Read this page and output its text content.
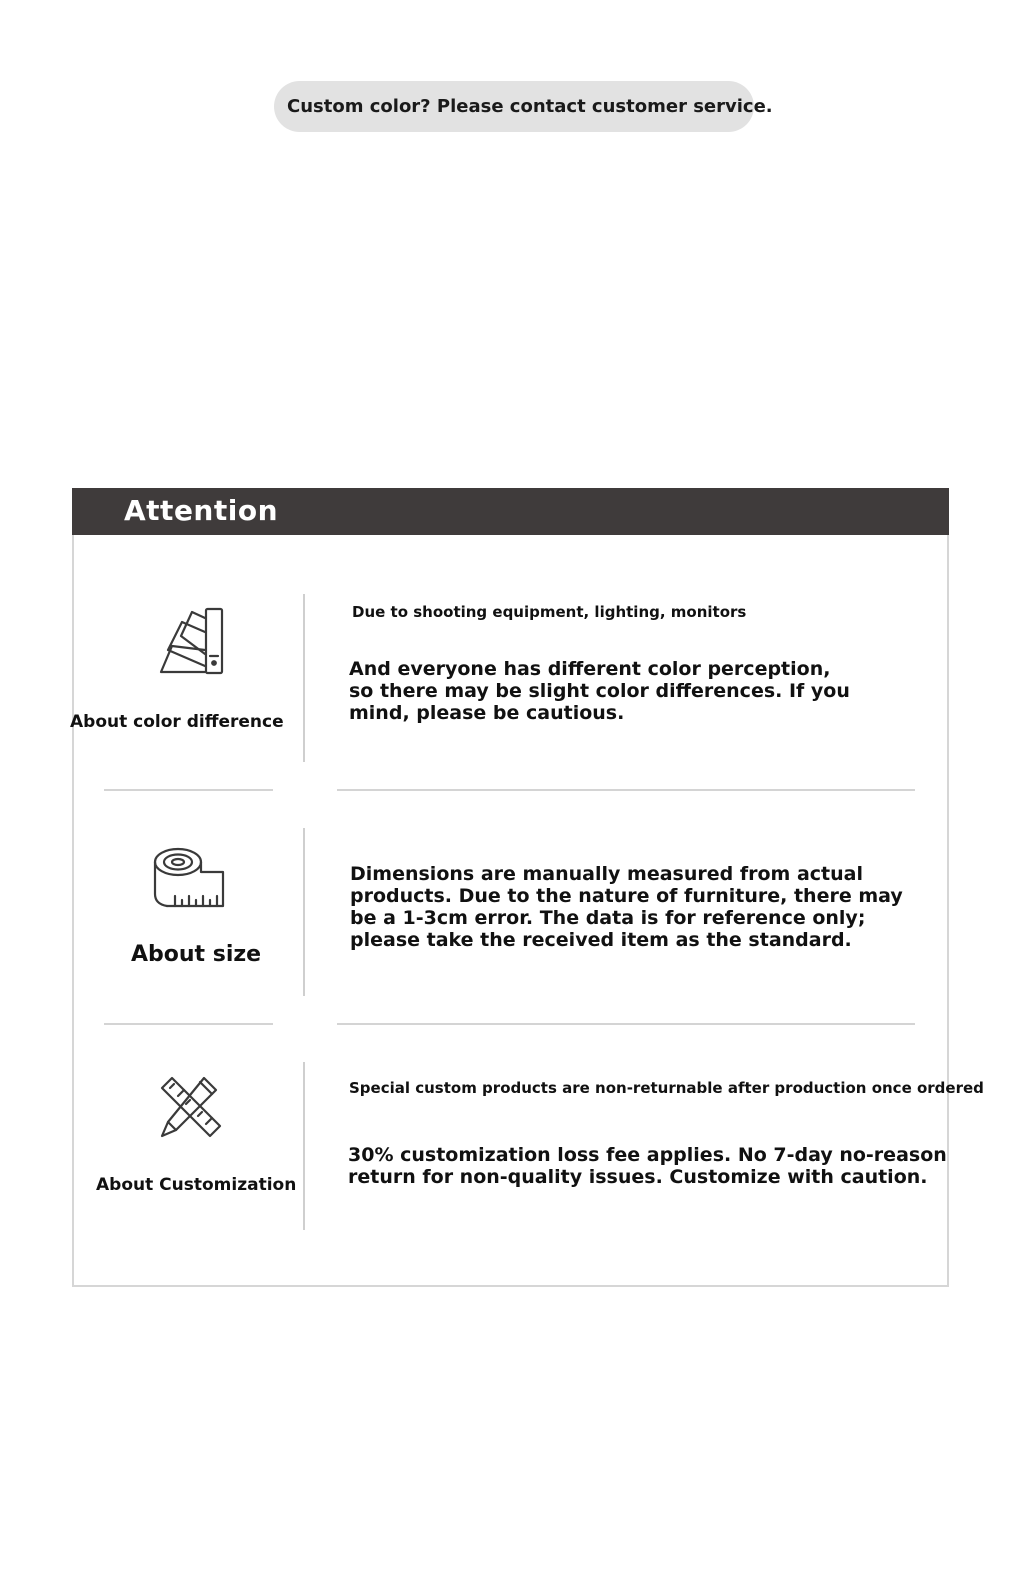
Custom color? Please contact customer service.
Attention
About color difference
Due to shooting equipment, lighting, monitors
And everyone has different color perception,
so there may be slight color differences. If you
mind, please be cautious.
About size
Dimensions are manually measured from actual
products. Due to the nature of furniture, there may
be a 1-3cm error. The data is for reference only;
please take the received item as the standard.
About Customization
Special custom products are non-returnable after production once ordered
30% customization loss fee applies. No 7-day no-reason
return for non-quality issues. Customize with caution.
